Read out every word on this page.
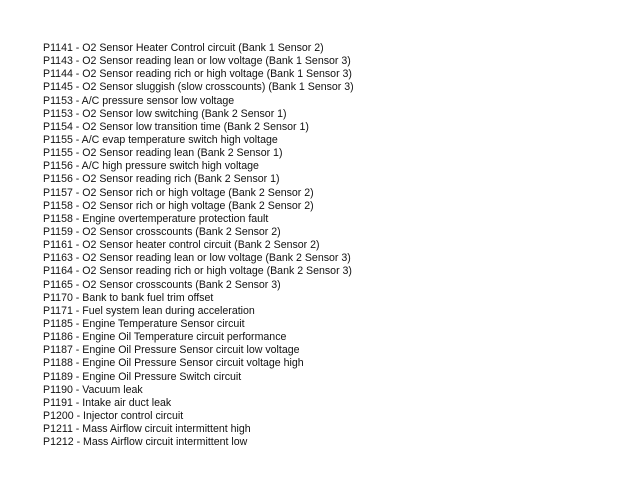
P1141 - O2 Sensor Heater Control circuit (Bank 1 Sensor 2)
P1143 - O2 Sensor reading lean or low voltage (Bank 1 Sensor 3)
P1144 - O2 Sensor reading rich or high voltage (Bank 1 Sensor 3)
P1145 - O2 Sensor sluggish (slow crosscounts) (Bank 1 Sensor 3)
P1153 - A/C pressure sensor low voltage
P1153 - O2 Sensor low switching (Bank 2 Sensor 1)
P1154 - O2 Sensor low transition time (Bank 2 Sensor 1)
P1155 - A/C evap temperature switch high voltage
P1155 - O2 Sensor reading lean (Bank 2 Sensor 1)
P1156 - A/C high pressure switch high voltage
P1156 - O2 Sensor reading rich (Bank 2 Sensor 1)
P1157 - O2 Sensor rich or high voltage (Bank 2 Sensor 2)
P1158 - O2 Sensor rich or high voltage (Bank 2 Sensor 2)
P1158 - Engine overtemperature protection fault
P1159 - O2 Sensor crosscounts (Bank 2 Sensor 2)
P1161 - O2 Sensor heater control circuit (Bank 2 Sensor 2)
P1163 - O2 Sensor reading lean or low voltage (Bank 2 Sensor 3)
P1164 - O2 Sensor reading rich or high voltage (Bank 2 Sensor 3)
P1165 - O2 Sensor crosscounts (Bank 2 Sensor 3)
P1170 - Bank to bank fuel trim offset
P1171 - Fuel system lean during acceleration
P1185 - Engine Temperature Sensor circuit
P1186 - Engine Oil Temperature circuit performance
P1187 - Engine Oil Pressure Sensor circuit low voltage
P1188 - Engine Oil Pressure Sensor circuit voltage high
P1189 - Engine Oil Pressure Switch circuit
P1190 - Vacuum leak
P1191 - Intake air duct leak
P1200 - Injector control circuit
P1211 - Mass Airflow circuit intermittent high
P1212 - Mass Airflow circuit intermittent low
